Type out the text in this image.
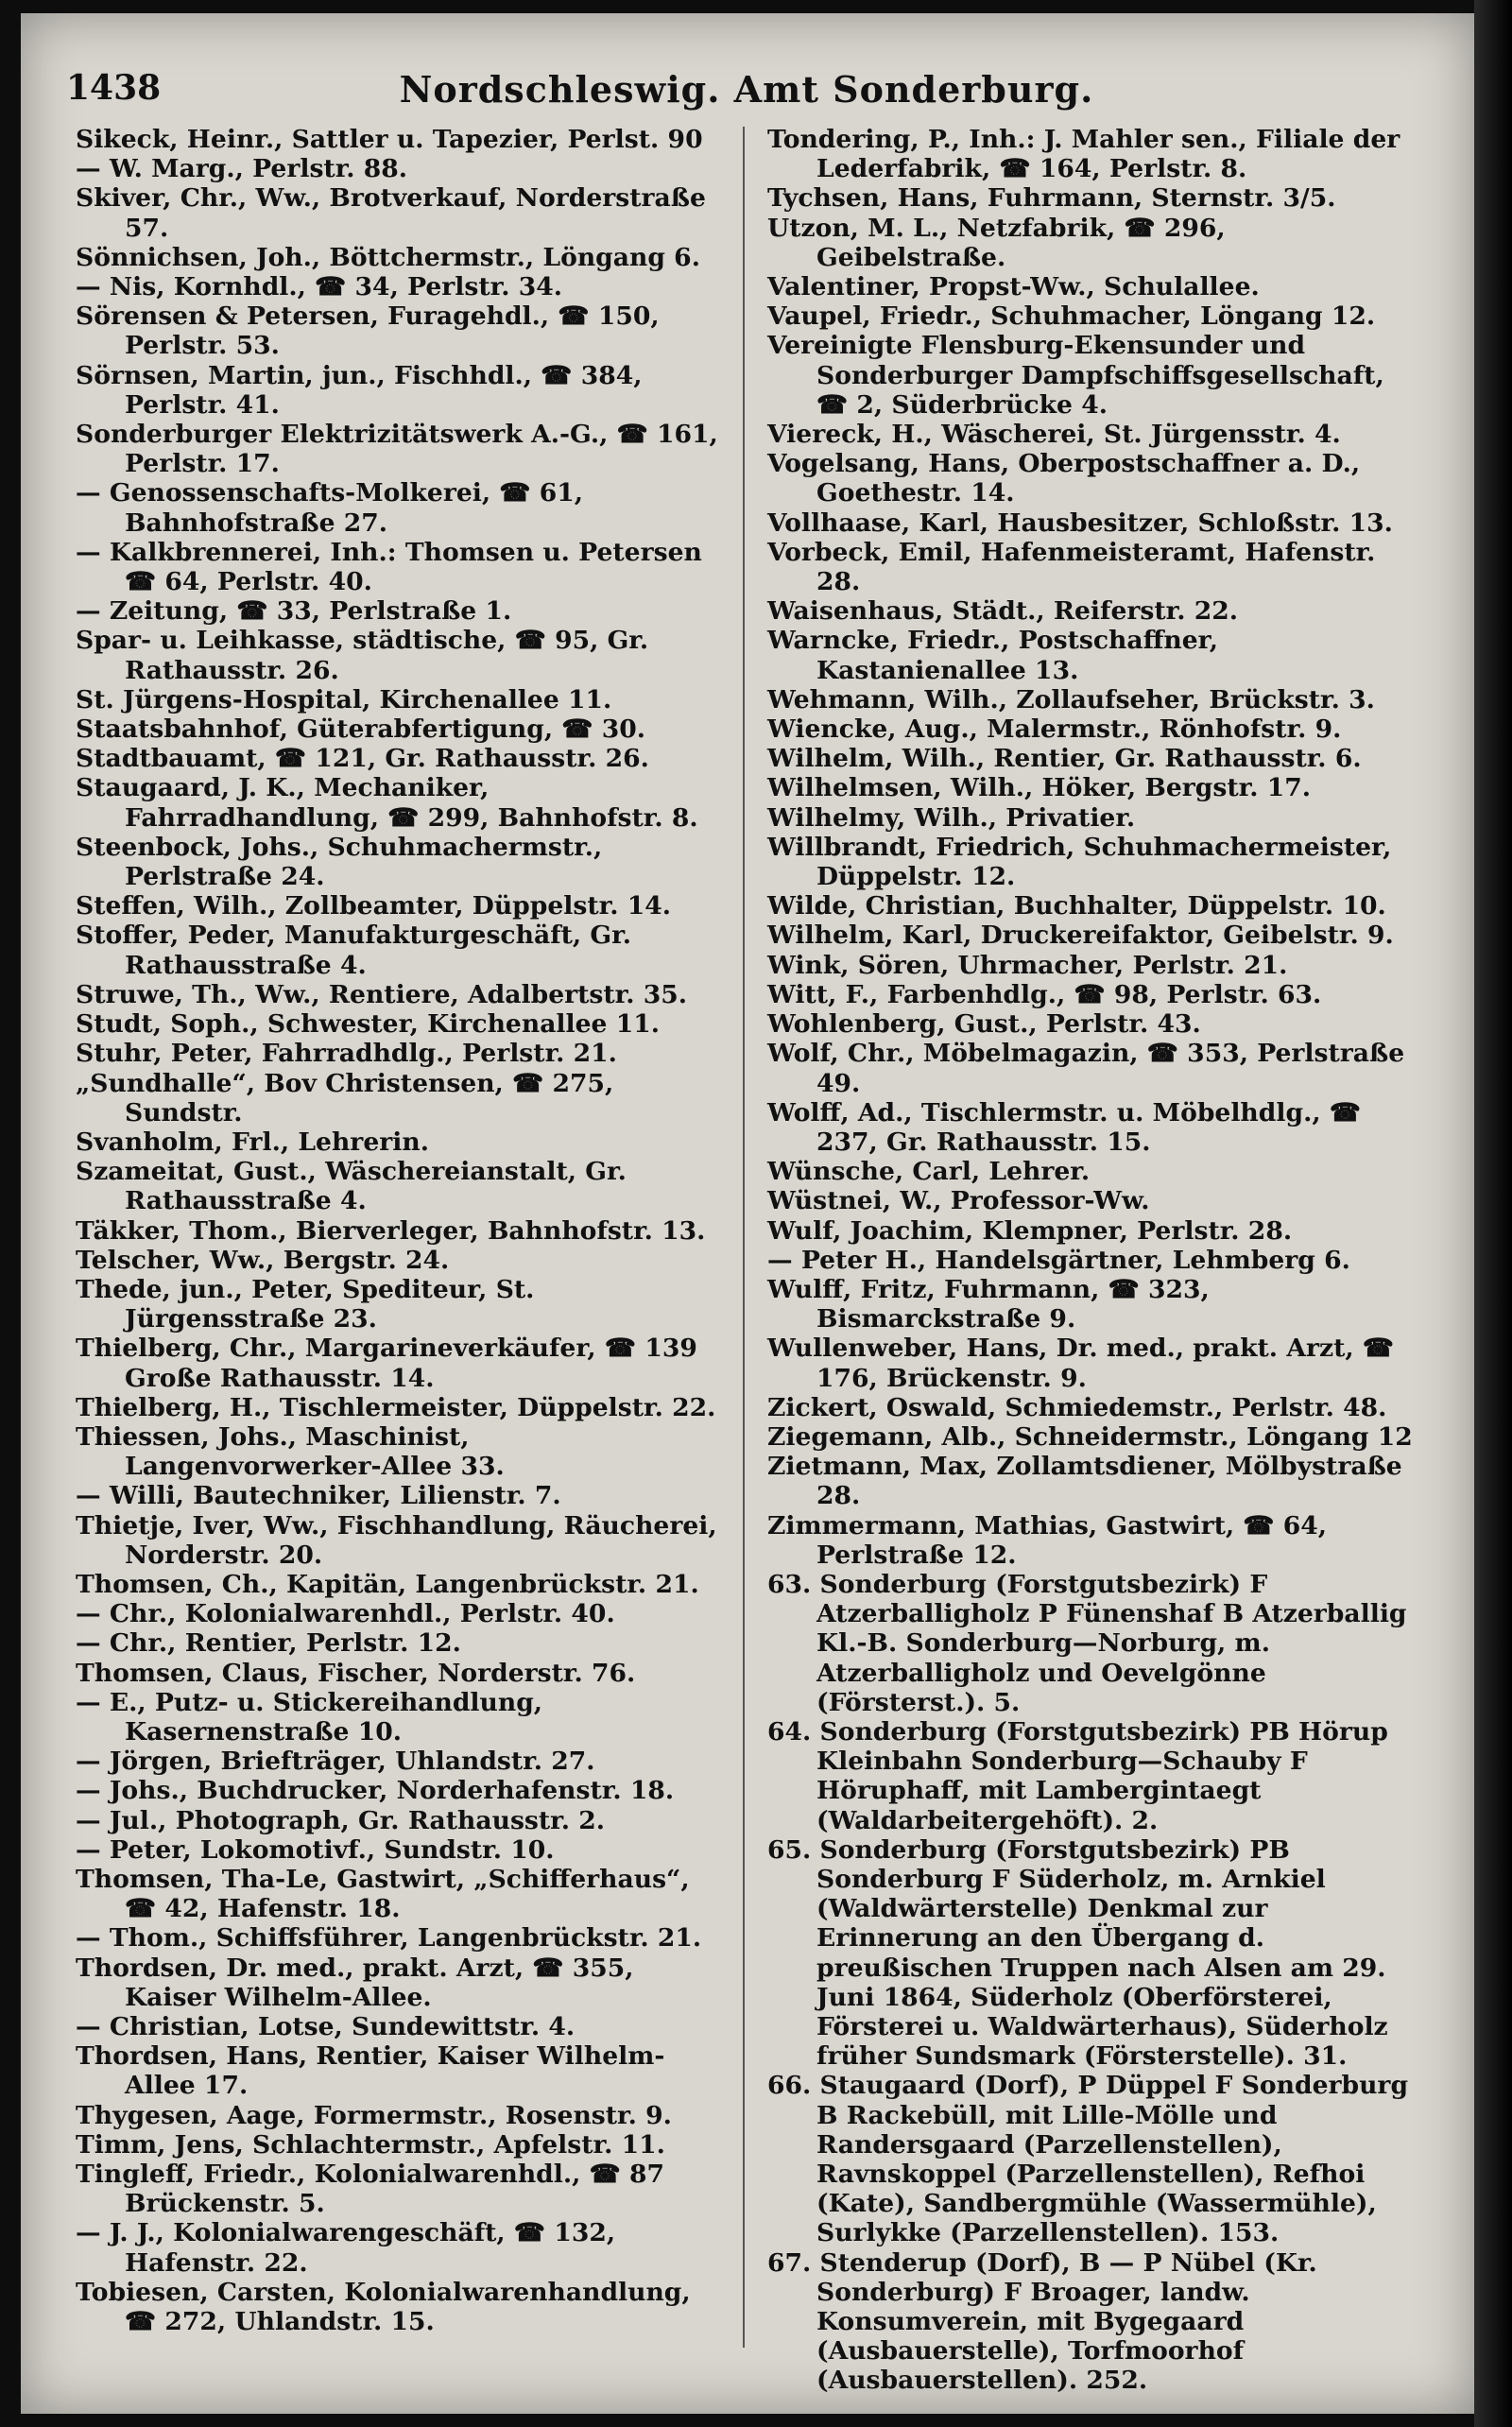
1438	Nordschleswig. Amt Sonderburg.
Sikeck, Heinr., Sattler u. Tapezier, Perlst. 90
— W. Marg., Perlstr. 88.
Skiver, Chr., Ww., Brotverkauf, Norderstraße 57.
Sönnichsen, Joh., Böttchermstr., Löngang 6.
— Nis, Kornhdl., ☎ 34, Perlstr. 34.
Sörensen & Petersen, Furagehdl., ☎ 150, Perlstr. 53.
Sörnsen, Martin, jun., Fischhdl., ☎ 384, Perlstr. 41.
Sonderburger Elektrizitätswerk A.-G., ☎ 161, Perlstr. 17.
— Genossenschafts-Molkerei, ☎ 61, Bahnhofstraße 27.
— Kalkbrennerei, Inh.: Thomsen u. Petersen ☎ 64, Perlstr. 40.
— Zeitung, ☎ 33, Perlstraße 1.
Spar- u. Leihkasse, städtische, ☎ 95, Gr. Rathausstr. 26.
St. Jürgens-Hospital, Kirchenallee 11.
Staatsbahnhof, Güterabfertigung, ☎ 30.
Stadtbauamt, ☎ 121, Gr. Rathausstr. 26.
Staugaard, J. K., Mechaniker, Fahrradhandlung, ☎ 299, Bahnhofstr. 8.
Steenbock, Johs., Schuhmachermstr., Perlstraße 24.
Steffen, Wilh., Zollbeamter, Düppelstr. 14.
Stoffer, Peder, Manufakturgeschäft, Gr. Rathausstraße 4.
Struwe, Th., Ww., Rentiere, Adalbertstr. 35.
Studt, Soph., Schwester, Kirchenallee 11.
Stuhr, Peter, Fahrradhdlg., Perlstr. 21.
„Sundhalle“, Bov Christensen, ☎ 275, Sundstr.
Svanholm, Frl., Lehrerin.
Szameitat, Gust., Wäschereianstalt, Gr. Rathausstraße 4.
Täkker, Thom., Bierverleger, Bahnhofstr. 13.
Telscher, Ww., Bergstr. 24.
Thede, jun., Peter, Spediteur, St. Jürgensstraße 23.
Thielberg, Chr., Margarineverkäufer, ☎ 139 Große Rathausstr. 14.
Thielberg, H., Tischlermeister, Düppelstr. 22.
Thiessen, Johs., Maschinist, Langenvorwerker-Allee 33.
— Willi, Bautechniker, Lilienstr. 7.
Thietje, Iver, Ww., Fischhandlung, Räucherei, Norderstr. 20.
Thomsen, Ch., Kapitän, Langenbrückstr. 21.
— Chr., Kolonialwarenhdl., Perlstr. 40.
— Chr., Rentier, Perlstr. 12.
Thomsen, Claus, Fischer, Norderstr. 76.
— E., Putz- u. Stickereihandlung, Kasernenstraße 10.
— Jörgen, Briefträger, Uhlandstr. 27.
— Johs., Buchdrucker, Norderhafenstr. 18.
— Jul., Photograph, Gr. Rathausstr. 2.
— Peter, Lokomotivf., Sundstr. 10.
Thomsen, Tha-Le, Gastwirt, „Schifferhaus“, ☎ 42, Hafenstr. 18.
— Thom., Schiffsführer, Langenbrückstr. 21.
Thordsen, Dr. med., prakt. Arzt, ☎ 355, Kaiser Wilhelm-Allee.
— Christian, Lotse, Sundewittstr. 4.
Thordsen, Hans, Rentier, Kaiser Wilhelm-Allee 17.
Thygesen, Aage, Formermstr., Rosenstr. 9.
Timm, Jens, Schlachtermstr., Apfelstr. 11.
Tingleff, Friedr., Kolonialwarenhdl., ☎ 87 Brückenstr. 5.
— J. J., Kolonialwarengeschäft, ☎ 132, Hafenstr. 22.
Tobiesen, Carsten, Kolonialwarenhandlung, ☎ 272, Uhlandstr. 15.
Tondering, P., Inh.: J. Mahler sen., Filiale der Lederfabrik, ☎ 164, Perlstr. 8.
Tychsen, Hans, Fuhrmann, Sternstr. 3/5.
Utzon, M. L., Netzfabrik, ☎ 296, Geibelstraße.
Valentiner, Propst-Ww., Schulallee.
Vaupel, Friedr., Schuhmacher, Löngang 12.
Vereinigte Flensburg-Ekensunder und Sonderburger Dampfschiffsgesellschaft, ☎ 2, Süderbrücke 4.
Viereck, H., Wäscherei, St. Jürgensstr. 4.
Vogelsang, Hans, Oberpostschaffner a. D., Goethestr. 14.
Vollhaase, Karl, Hausbesitzer, Schloßstr. 13.
Vorbeck, Emil, Hafenmeisteramt, Hafenstr. 28.
Waisenhaus, Städt., Reiferstr. 22.
Warncke, Friedr., Postschaffner, Kastanienallee 13.
Wehmann, Wilh., Zollaufseher, Brückstr. 3.
Wiencke, Aug., Malermstr., Rönhofstr. 9.
Wilhelm, Wilh., Rentier, Gr. Rathausstr. 6.
Wilhelmsen, Wilh., Höker, Bergstr. 17.
Wilhelmy, Wilh., Privatier.
Willbrandt, Friedrich, Schuhmachermeister, Düppelstr. 12.
Wilde, Christian, Buchhalter, Düppelstr. 10.
Wilhelm, Karl, Druckereifaktor, Geibelstr. 9.
Wink, Sören, Uhrmacher, Perlstr. 21.
Witt, F., Farbenhdlg., ☎ 98, Perlstr. 63.
Wohlenberg, Gust., Perlstr. 43.
Wolf, Chr., Möbelmagazin, ☎ 353, Perlstraße 49.
Wolff, Ad., Tischlermstr. u. Möbelhdlg., ☎ 237, Gr. Rathausstr. 15.
Wünsche, Carl, Lehrer.
Wüstnei, W., Professor-Ww.
Wulf, Joachim, Klempner, Perlstr. 28.
— Peter H., Handelsgärtner, Lehmberg 6.
Wulff, Fritz, Fuhrmann, ☎ 323, Bismarckstraße 9.
Wullenweber, Hans, Dr. med., prakt. Arzt, ☎ 176, Brückenstr. 9.
Zickert, Oswald, Schmiedemstr., Perlstr. 48.
Ziegemann, Alb., Schneidermstr., Löngang 12
Zietmann, Max, Zollamtsdiener, Mölbystraße 28.
Zimmermann, Mathias, Gastwirt, ☎ 64, Perlstraße 12.
63. Sonderburg (Forstgutsbezirk) F Atzerballigholz P Fünenshaf B Atzerballig Kl.-B. Sonderburg—Norburg, m. Atzerballigholz und Oevelgönne (Försterst.). 5.
64. Sonderburg (Forstgutsbezirk) PB Hörup Kleinbahn Sonderburg—Schauby F Höruphaff, mit Lambergintaegt (Waldarbeitergehöft). 2.
65. Sonderburg (Forstgutsbezirk) PB Sonderburg F Süderholz, m. Arnkiel (Waldwärterstelle) Denkmal zur Erinnerung an den Übergang d. preußischen Truppen nach Alsen am 29. Juni 1864, Süderholz (Oberförsterei, Försterei u. Waldwärterhaus), Süderholz früher Sundsmark (Försterstelle). 31.
66. Staugaard (Dorf), P Düppel F Sonderburg B Rackebüll, mit Lille-Mölle und Randersgaard (Parzellenstellen), Ravnskoppel (Parzellenstellen), Refhoi (Kate), Sandbergmühle (Wassermühle), Surlykke (Parzellenstellen). 153.
67. Stenderup (Dorf), B — P Nübel (Kr. Sonderburg) F Broager, landw. Konsumverein, mit Bygegaard (Ausbauerstelle), Torfmoorhof (Ausbauerstellen). 252.
